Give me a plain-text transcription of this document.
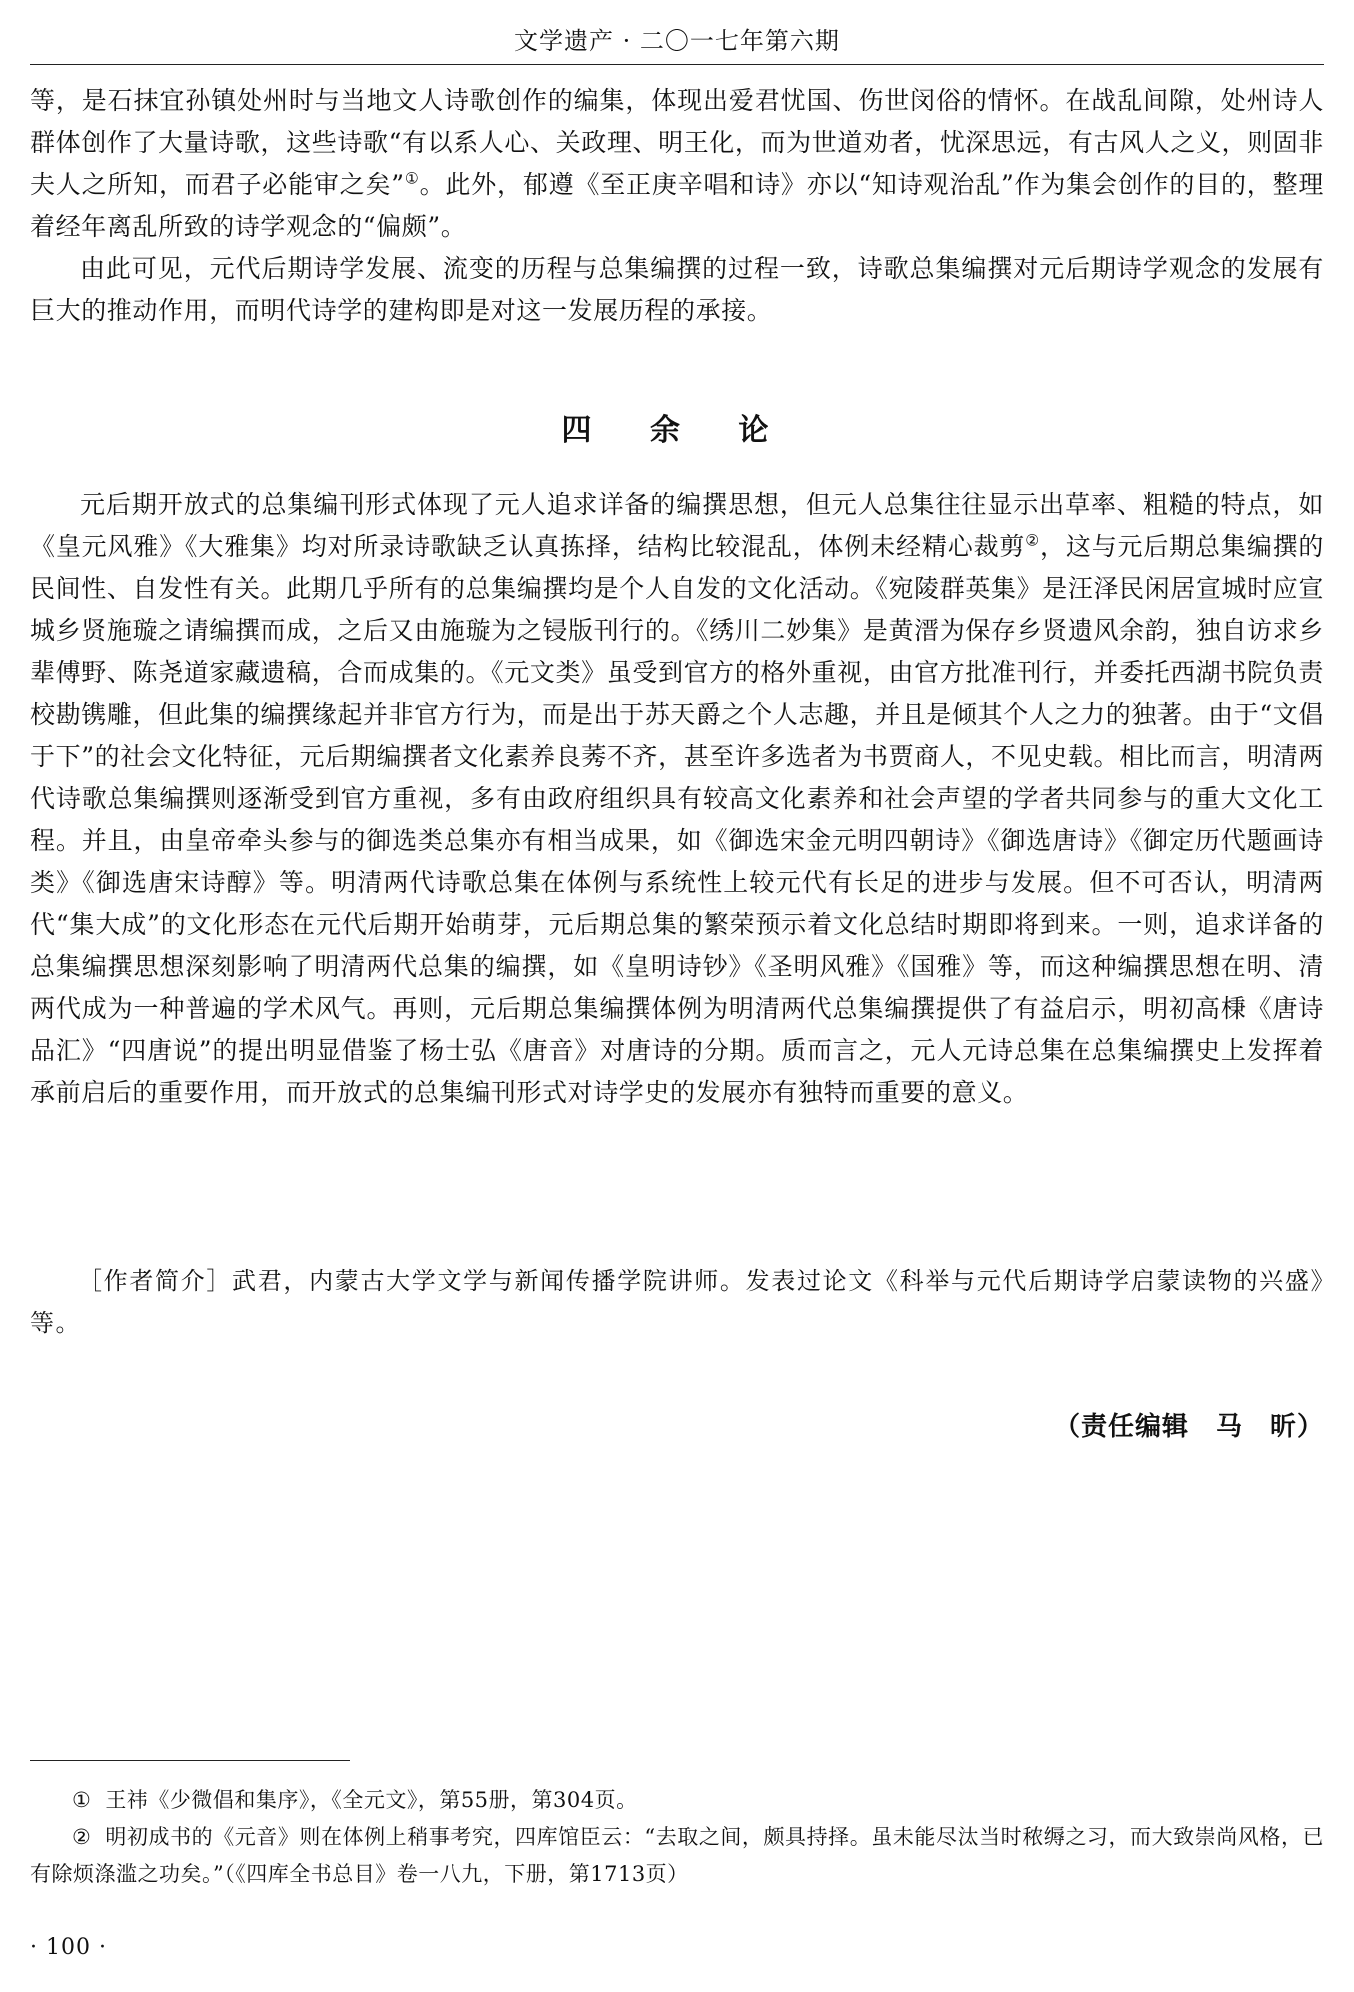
文学遗产 · 二〇一七年第六期

等，是石抹宜孙镇处州时与当地文人诗歌创作的编集，体现出爱君忧国、伤世闵俗的情怀。在战乱间隙，处州诗人群体创作了大量诗歌，这些诗歌“有以系人心、关政理、明王化，而为世道劝者，忧深思远，有古风人之义，则固非夫人之所知，而君子必能审之矣”①。此外，郁遵《至正庚辛唱和诗》亦以“知诗观治乱”作为集会创作的目的，整理着经年离乱所致的诗学观念的“偏颇”。

由此可见，元代后期诗学发展、流变的历程与总集编撰的过程一致，诗歌总集编撰对元后期诗学观念的发展有巨大的推动作用，而明代诗学的建构即是对这一发展历程的承接。

四 余 论

元后期开放式的总集编刊形式体现了元人追求详备的编撰思想，但元人总集往往显示出草率、粗糙的特点，如《皇元风雅》《大雅集》均对所录诗歌缺乏认真拣择，结构比较混乱，体例未经精心裁剪②，这与元后期总集编撰的民间性、自发性有关。此期几乎所有的总集编撰均是个人自发的文化活动。《宛陵群英集》是汪泽民闲居宣城时应宣城乡贤施璇之请编撰而成，之后又由施璇为之锓版刊行的。《绣川二妙集》是黄溍为保存乡贤遗风余韵，独自访求乡辈傅野、陈尧道家藏遗稿，合而成集的。《元文类》虽受到官方的格外重视，由官方批准刊行，并委托西湖书院负责校勘镌雕，但此集的编撰缘起并非官方行为，而是出于苏天爵之个人志趣，并且是倾其个人之力的独著。由于“文倡于下”的社会文化特征，元后期编撰者文化素养良莠不齐，甚至许多选者为书贾商人，不见史载。相比而言，明清两代诗歌总集编撰则逐渐受到官方重视，多有由政府组织具有较高文化素养和社会声望的学者共同参与的重大文化工程。并且，由皇帝牵头参与的御选类总集亦有相当成果，如《御选宋金元明四朝诗》《御选唐诗》《御定历代题画诗类》《御选唐宋诗醇》等。明清两代诗歌总集在体例与系统性上较元代有长足的进步与发展。但不可否认，明清两代“集大成”的文化形态在元代后期开始萌芽，元后期总集的繁荣预示着文化总结时期即将到来。一则，追求详备的总集编撰思想深刻影响了明清两代总集的编撰，如《皇明诗钞》《圣明风雅》《国雅》等，而这种编撰思想在明、清两代成为一种普遍的学术风气。再则，元后期总集编撰体例为明清两代总集编撰提供了有益启示，明初高棅《唐诗品汇》“四唐说”的提出明显借鉴了杨士弘《唐音》对唐诗的分期。质而言之，元人元诗总集在总集编撰史上发挥着承前启后的重要作用，而开放式的总集编刊形式对诗学史的发展亦有独特而重要的意义。

［作者简介］武君，内蒙古大学文学与新闻传播学院讲师。发表过论文《科举与元代后期诗学启蒙读物的兴盛》等。
（责任编辑　马　昕）

① 王祎《少微倡和集序》，《全元文》，第55册，第304页。

② 明初成书的《元音》则在体例上稍事考究，四库馆臣云：“去取之间，颇具持择。虽未能尽汰当时秾缛之习，而大致崇尚风格，已有除烦涤滥之功矣。”（《四库全书总目》卷一八九，下册，第1713页）

· 100 ·
